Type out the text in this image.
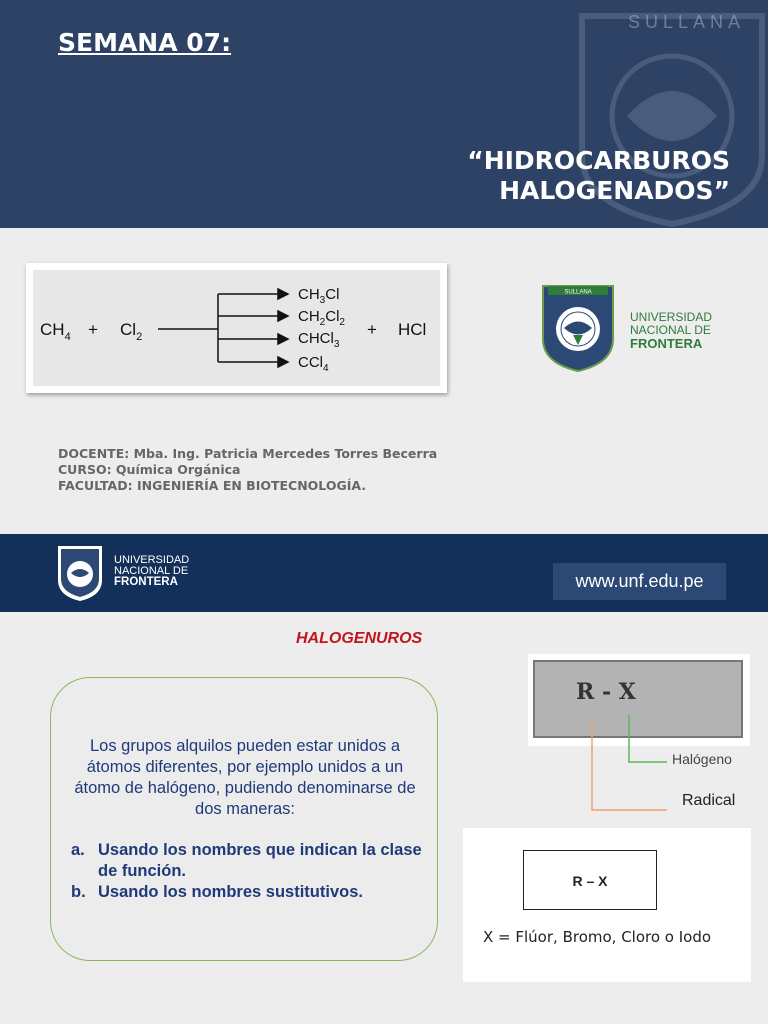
SULLANA
SEMANA 07:
“HIDROCARBUROS
HALOGENADOS”
$CH_4 + Cl_2$	+ HCl
$CH_3Cl$
$CH_2Cl_2$
CHCl$_3$
CCl$_4$
SULLANA
UNIVERSIDAD
NACIONAL DE
FRONTERA
DOCENTE: Mba. Ing. Patricia Mercedes Torres Becerra
CURSO: Química Orgánica
FACULTAD: INGENIERÍA EN BIOTECNOLOGÍA.
UNIVERSIDAD
NACIONAL DE
FRONTERA	www.unf.edu.pe
HALOGENUROS
Los grupos alquilos pueden estar unidos a átomos diferentes, por ejemplo unidos a un átomo de halógeno, pudiendo denominarse de dos maneras:
a. Usando los nombres que indican la clase de función.
b. Usando los nombres sustitutivos.
R - X
Halógeno
Radical
R – X
X = Flúor, Bromo, Cloro o Iodo
